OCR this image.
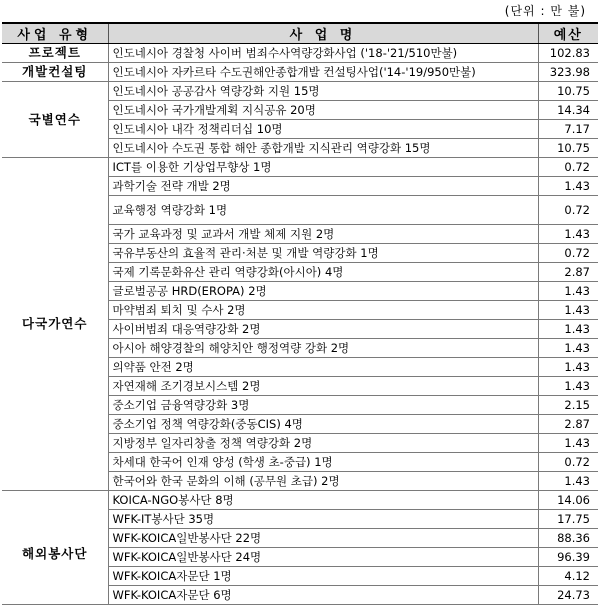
(단위 : 만 불)
사업 유형	사 업 명	예산
프로젝트	인도네시아 경찰청 사이버 범죄수사역량강화사업 ('18-'21/510만불)	102.83
개발컨설팅	인도네시아 자카르타 수도권해안종합개발 컨설팅사업('14-'19/950만불)	323.98
국별연수	인도네시아 공공감사 역량강화 지원 15명	10.75
	인도네시아 국가개발계획 지식공유 20명	14.34
	인도네시아 내각 정책리더십 10명	7.17
	인도네시아 수도권 통합 해안 종합개발 지식관리 역량강화 15명	10.75
다국가연수	ICT를 이용한 기상업무향상 1명	0.72
	과학기술 전략 개발 2명	1.43
	교육행정 역량강화 1명	0.72
	국가 교육과정 및 교과서 개발 체제 지원 2명	1.43
	국유부동산의 효율적 관리·처분 및 개발 역량강화 1명	0.72
	국제 기록문화유산 관리 역량강화(아시아) 4명	2.87
	글로벌공공 HRD(EROPA) 2명	1.43
	마약범죄 퇴치 및 수사 2명	1.43
	사이버범죄 대응역량강화 2명	1.43
	아시아 해양경찰의 해양치안 행정역량 강화 2명	1.43
	의약품 안전 2명	1.43
	자연재해 조기경보시스템 2명	1.43
	중소기업 금융역량강화 3명	2.15
	중소기업 정책 역량강화(중동CIS) 4명	2.87
	지방정부 일자리창출 정책 역량강화 2명	1.43
	차세대 한국어 인재 양성 (학생 초-중급) 1명	0.72
	한국어와 한국 문화의 이해 (공무원 초급) 2명	1.43
해외봉사단	KOICA-NGO봉사단 8명	14.06
	WFK-IT봉사단 35명	17.75
	WFK-KOICA일반봉사단 22명	88.36
	WFK-KOICA일반봉사단 24명	96.39
	WFK-KOICA자문단 1명	4.12
	WFK-KOICA자문단 6명	24.73
